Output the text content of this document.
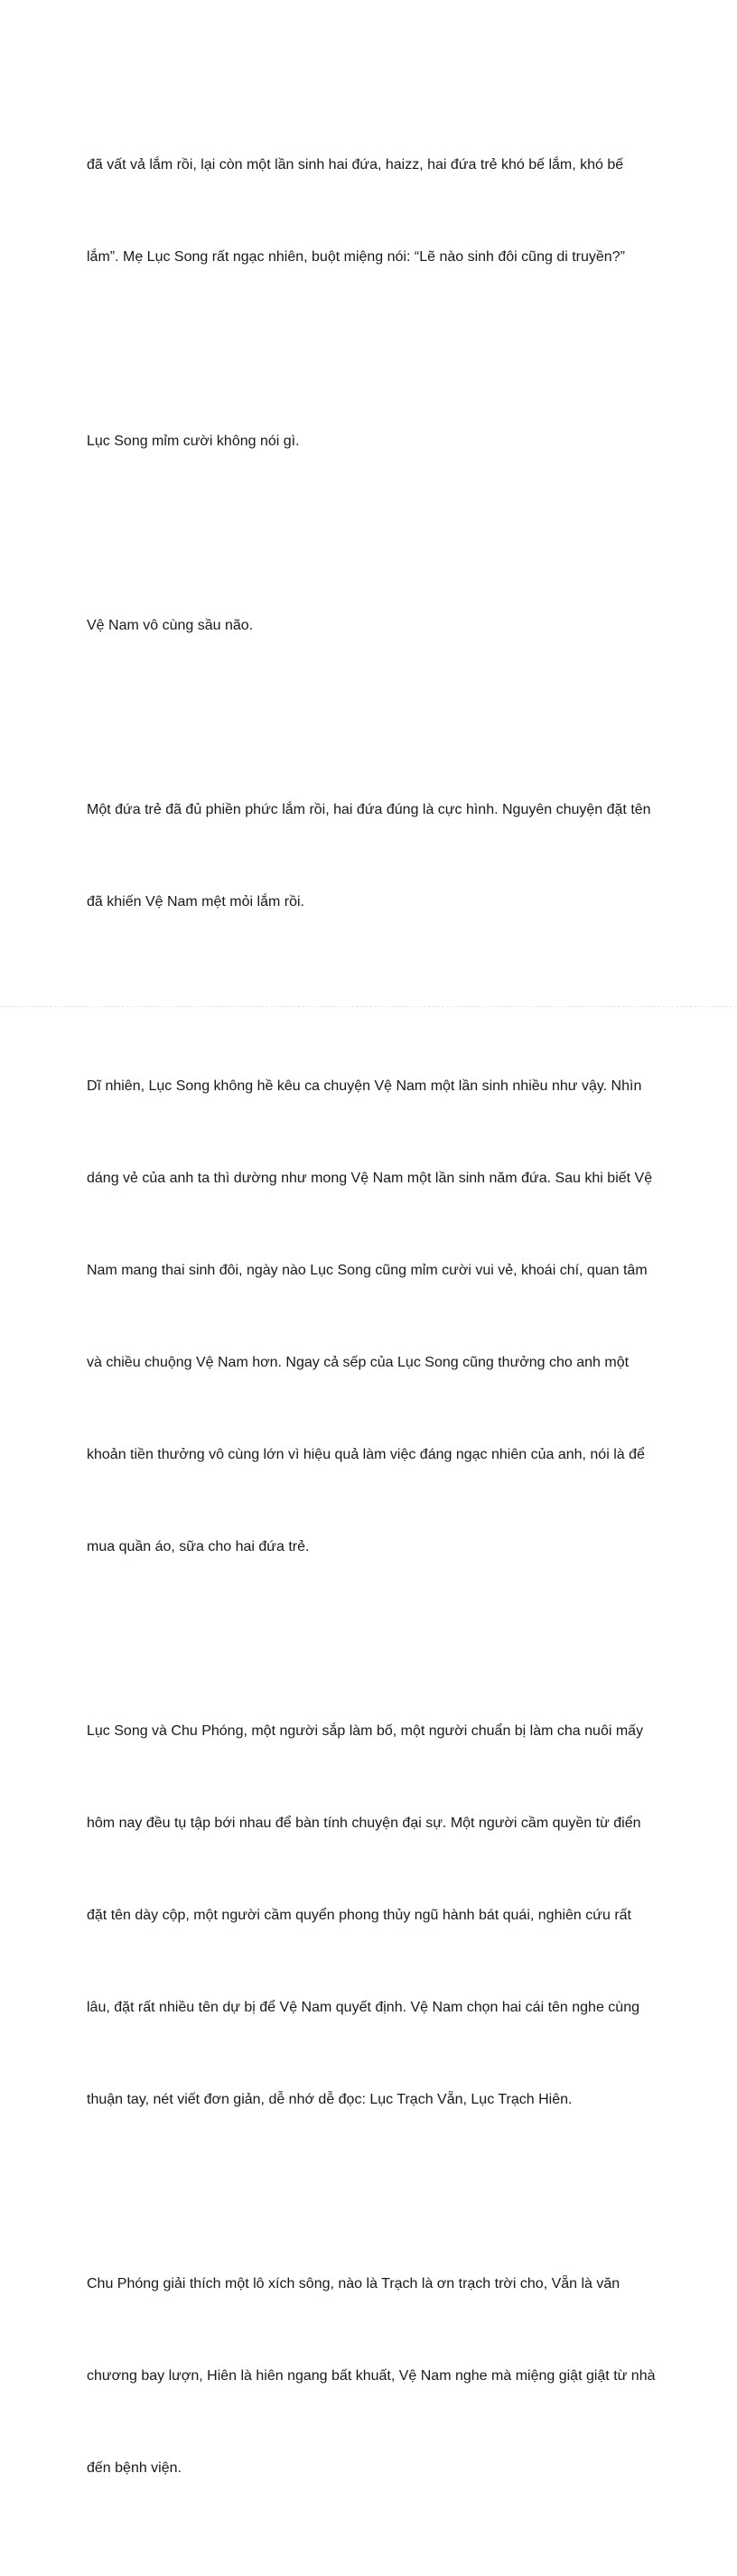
đã vất vả lắm rồi, lại còn một lần sinh hai đứa, haizz, hai đứa trẻ khó bế lắm, khó bế

lắm”. Mẹ Lục Song rất ngạc nhiên, buột miệng nói: “Lẽ nào sinh đôi cũng di truyền?”

Lục Song mỉm cười không nói gì.

Vệ Nam vô cùng sầu não.

Một đứa trẻ đã đủ phiền phức lắm rồi, hai đứa đúng là cực hình. Nguyên chuyện đặt tên

đã khiến Vệ Nam mệt mỏi lắm rồi.

Dĩ nhiên, Lục Song không hề kêu ca chuyện Vệ Nam một lần sinh nhiều như vậy. Nhìn

dáng vẻ của anh ta thì dường như mong Vệ Nam một lần sinh năm đứa. Sau khi biết Vệ

Nam mang thai sinh đôi, ngày nào Lục Song cũng mỉm cười vui vẻ, khoái chí, quan tâm

và chiều chuộng Vệ Nam hơn. Ngay cả sếp của Lục Song cũng thưởng cho anh một

khoản tiền thưởng vô cùng lớn vì hiệu quả làm việc đáng ngạc nhiên của anh, nói là để

mua quần áo, sữa cho hai đứa trẻ.

Lục Song và Chu Phóng, một người sắp làm bố, một người chuẩn bị làm cha nuôi mấy

hôm nay đều tụ tập bới nhau để bàn tính chuyện đại sự. Một người cầm quyền từ điển

đặt tên dày cộp, một người cầm quyển phong thủy ngũ hành bát quái, nghiên cứu rất

lâu, đặt rất nhiều tên dự bị để Vệ Nam quyết định. Vệ Nam chọn hai cái tên nghe cùng

thuận tay, nét viết đơn giản, dễ nhớ dễ đọc: Lục Trạch Vẵn, Lục Trạch Hiên.

Chu Phóng giải thích một lô xích sông, nào là Trạch là ơn trạch trời cho, Vẵn là văn

chương bay lượn, Hiên là hiên ngang bất khuất, Vệ Nam nghe mà miệng giật giật từ nhà

đến bệnh viện.
